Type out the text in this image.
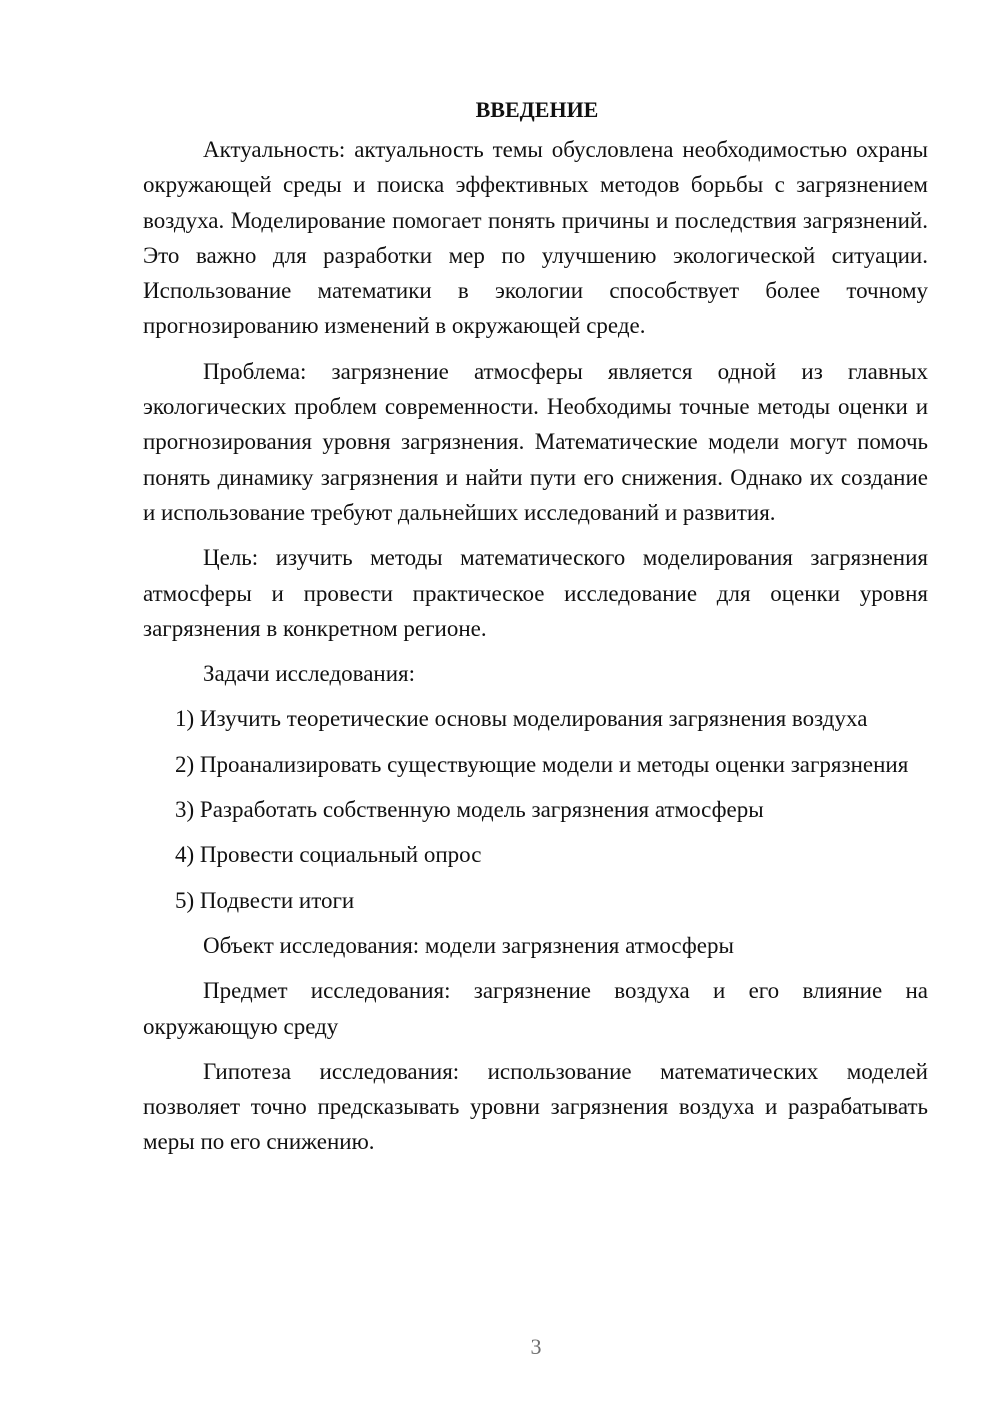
ВВЕДЕНИЕ

Актуальность: актуальность темы обусловлена необходимостью охраны окружающей среды и поиска эффективных методов борьбы с загрязнением воздуха. Моделирование помогает понять причины и последствия загрязнений. Это важно для разработки мер по улучшению экологической ситуации. Использование математики в экологии способствует более точному прогнозированию изменений в окружающей среде.

Проблема: загрязнение атмосферы является одной из главных экологических проблем современности. Необходимы точные методы оценки и прогнозирования уровня загрязнения. Математические модели могут помочь понять динамику загрязнения и найти пути его снижения. Однако их создание и использование требуют дальнейших исследований и развития.

Цель: изучить методы математического моделирования загрязнения атмосферы и провести практическое исследование для оценки уровня загрязнения в конкретном регионе.

Задачи исследования:

1) Изучить теоретические основы моделирования загрязнения воздуха

2) Проанализировать существующие модели и методы оценки загрязнения

3) Разработать собственную модель загрязнения атмосферы

4) Провести социальный опрос

5) Подвести итоги

Объект исследования: модели загрязнения атмосферы

Предмет исследования: загрязнение воздуха и его влияние на окружающую среду

Гипотеза исследования: использование математических моделей позволяет точно предсказывать уровни загрязнения воздуха и разрабатывать меры по его снижению.

3
